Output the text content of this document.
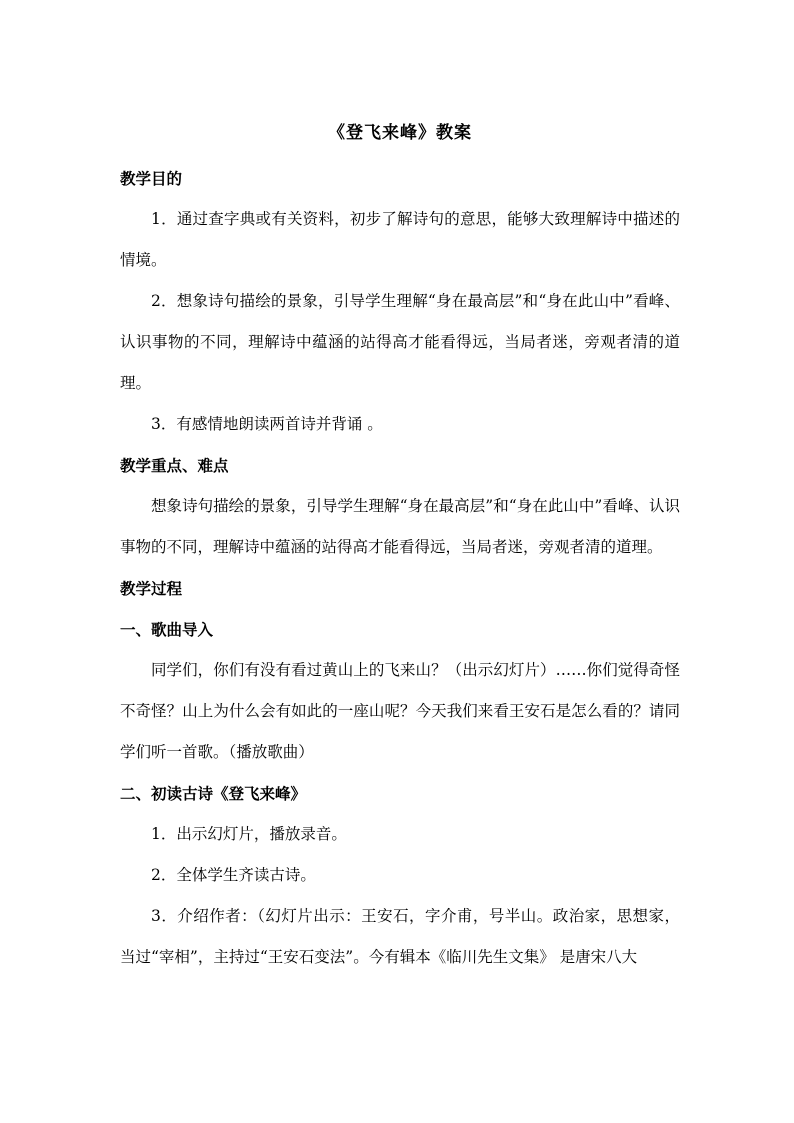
《登飞来峰》教案
教学目的

1．通过查字典或有关资料，初步了解诗句的意思，能够大致理解诗中描述的情境。

2．想象诗句描绘的景象，引导学生理解“身在最高层”和“身在此山中”看峰、认识事物的不同，理解诗中蕴涵的站得高才能看得远，当局者迷，旁观者清的道理。

3．有感情地朗读两首诗并背诵 。

教学重点、难点

想象诗句描绘的景象，引导学生理解“身在最高层”和“身在此山中”看峰、认识事物的不同，理解诗中蕴涵的站得高才能看得远，当局者迷，旁观者清的道理。

教学过程
一、歌曲导入

同学们，你们有没有看过黄山上的飞来山？（出示幻灯片）……你们觉得奇怪不奇怪？山上为什么会有如此的一座山呢？今天我们来看王安石是怎么看的？请同学们听一首歌。（播放歌曲）

二、初读古诗《登飞来峰》

1．出示幻灯片，播放录音。

2．全体学生齐读古诗。

3．介绍作者：（幻灯片出示：王安石，字介甫，号半山。政治家，思想家，当过“宰相”，主持过“王安石变法”。今有辑本《临川先生文集》 是唐宋八大
